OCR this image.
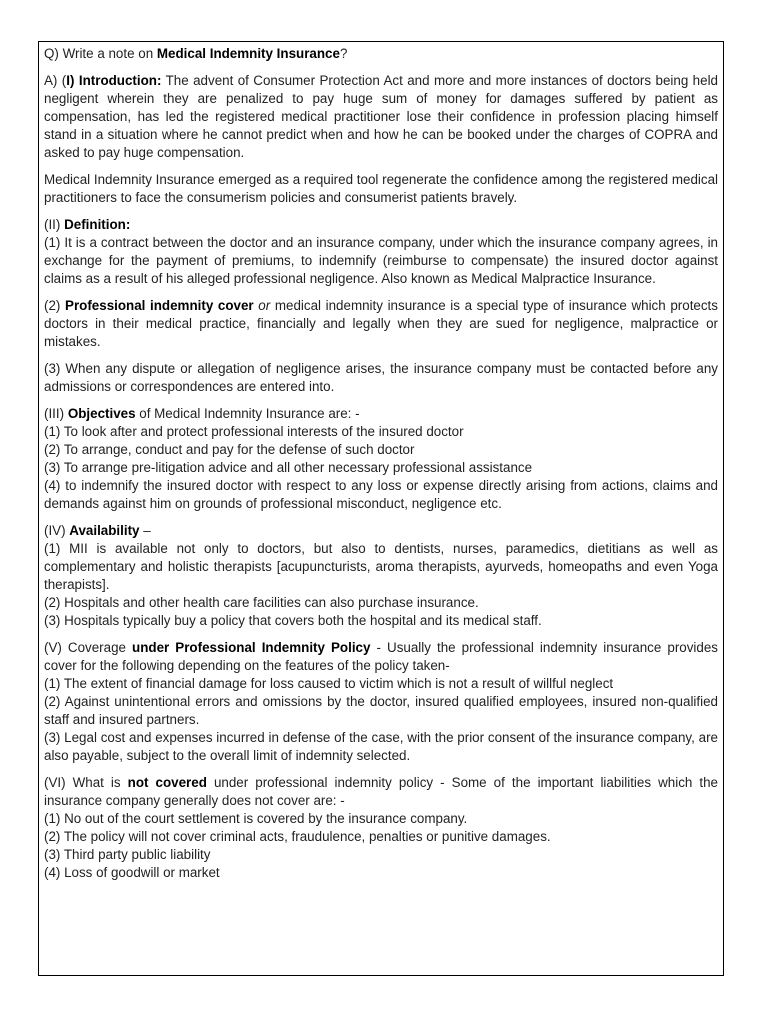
Q) Write a note on Medical Indemnity Insurance?

A) (I) Introduction: The advent of Consumer Protection Act and more and more instances of doctors being held negligent wherein they are penalized to pay huge sum of money for damages suffered by patient as compensation, has led the registered medical practitioner lose their confidence in profession placing himself stand in a situation where he cannot predict when and how he can be booked under the charges of COPRA and asked to pay huge compensation.

Medical Indemnity Insurance emerged as a required tool regenerate the confidence among the registered medical practitioners to face the consumerism policies and consumerist patients bravely.

(II) Definition:

(1) It is a contract between the doctor and an insurance company, under which the insurance company agrees, in exchange for the payment of premiums, to indemnify (reimburse to compensate) the insured doctor against claims as a result of his alleged professional negligence. Also known as Medical Malpractice Insurance.

(2) Professional indemnity cover or medical indemnity insurance is a special type of insurance which protects doctors in their medical practice, financially and legally when they are sued for negligence, malpractice or mistakes.

(3) When any dispute or allegation of negligence arises, the insurance company must be contacted before any admissions or correspondences are entered into.

(III) Objectives of Medical Indemnity Insurance are: -

(1) To look after and protect professional interests of the insured doctor

(2) To arrange, conduct and pay for the defense of such doctor

(3) To arrange pre-litigation advice and all other necessary professional assistance

(4) to indemnify the insured doctor with respect to any loss or expense directly arising from actions, claims and demands against him on grounds of professional misconduct, negligence etc.

(IV) Availability –

(1) MII is available not only to doctors, but also to dentists, nurses, paramedics, dietitians as well as complementary and holistic therapists [acupuncturists, aroma therapists, ayurveds, homeopaths and even Yoga therapists].

(2) Hospitals and other health care facilities can also purchase insurance.

(3) Hospitals typically buy a policy that covers both the hospital and its medical staff.

(V) Coverage under Professional Indemnity Policy - Usually the professional indemnity insurance provides cover for the following depending on the features of the policy taken-

(1) The extent of financial damage for loss caused to victim which is not a result of willful neglect

(2) Against unintentional errors and omissions by the doctor, insured qualified employees, insured non-qualified staff and insured partners.

(3) Legal cost and expenses incurred in defense of the case, with the prior consent of the insurance company, are also payable, subject to the overall limit of indemnity selected.

(VI) What is not covered under professional indemnity policy - Some of the important liabilities which the insurance company generally does not cover are: -

(1) No out of the court settlement is covered by the insurance company.

(2) The policy will not cover criminal acts, fraudulence, penalties or punitive damages.

(3) Third party public liability

(4) Loss of goodwill or market
